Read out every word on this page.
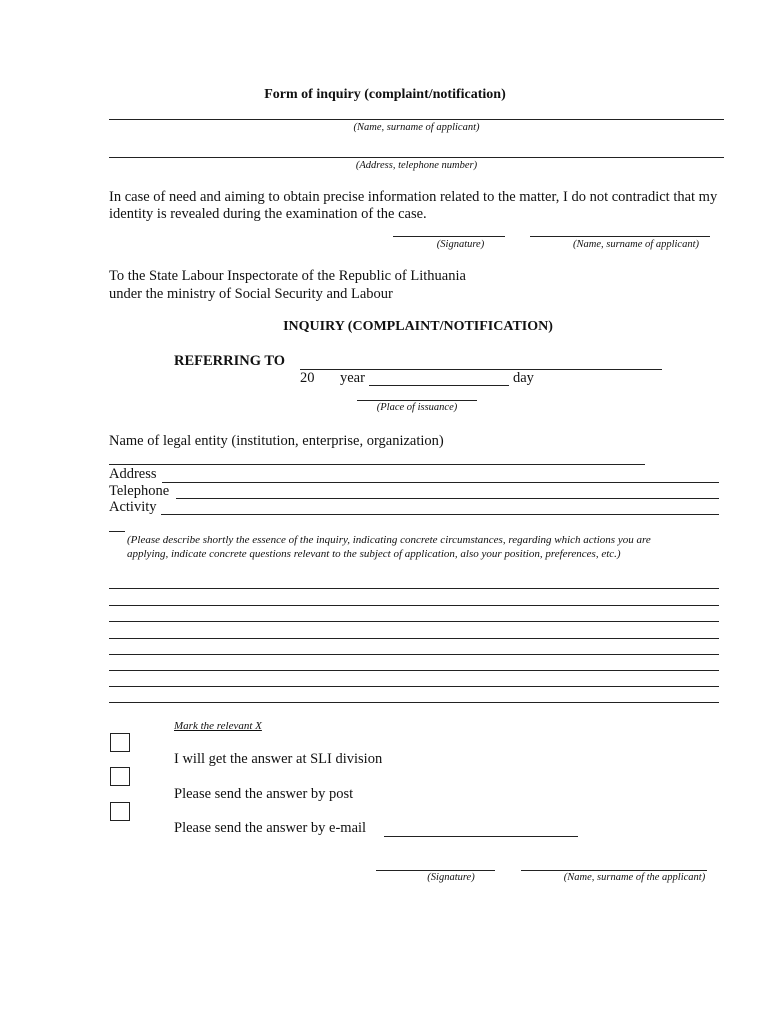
Form of inquiry (complaint/notification)
(Name, surname of applicant)
(Address, telephone number)
In case of need and aiming to obtain precise information related to the matter, I do not contradict that my identity is revealed during the examination of the case.
(Signature)	(Name, surname of applicant)
To the State Labour Inspectorate of the Republic of Lithuania
under the ministry of Social Security and Labour
INQUIRY (COMPLAINT/NOTIFICATION)
REFERRING TO
20 year	day
(Place of issuance)
Name of legal entity (institution, enterprise, organization)
Address
Telephone
Activity
(Please describe shortly the essence of the inquiry, indicating concrete circumstances, regarding which actions you are applying, indicate concrete questions relevant to the subject of application, also your position, preferences, etc.)
Mark the relevant X
I will get the answer at SLI division
Please send the answer by post
Please send the answer by e-mail
(Signature)	(Name, surname of the applicant)
